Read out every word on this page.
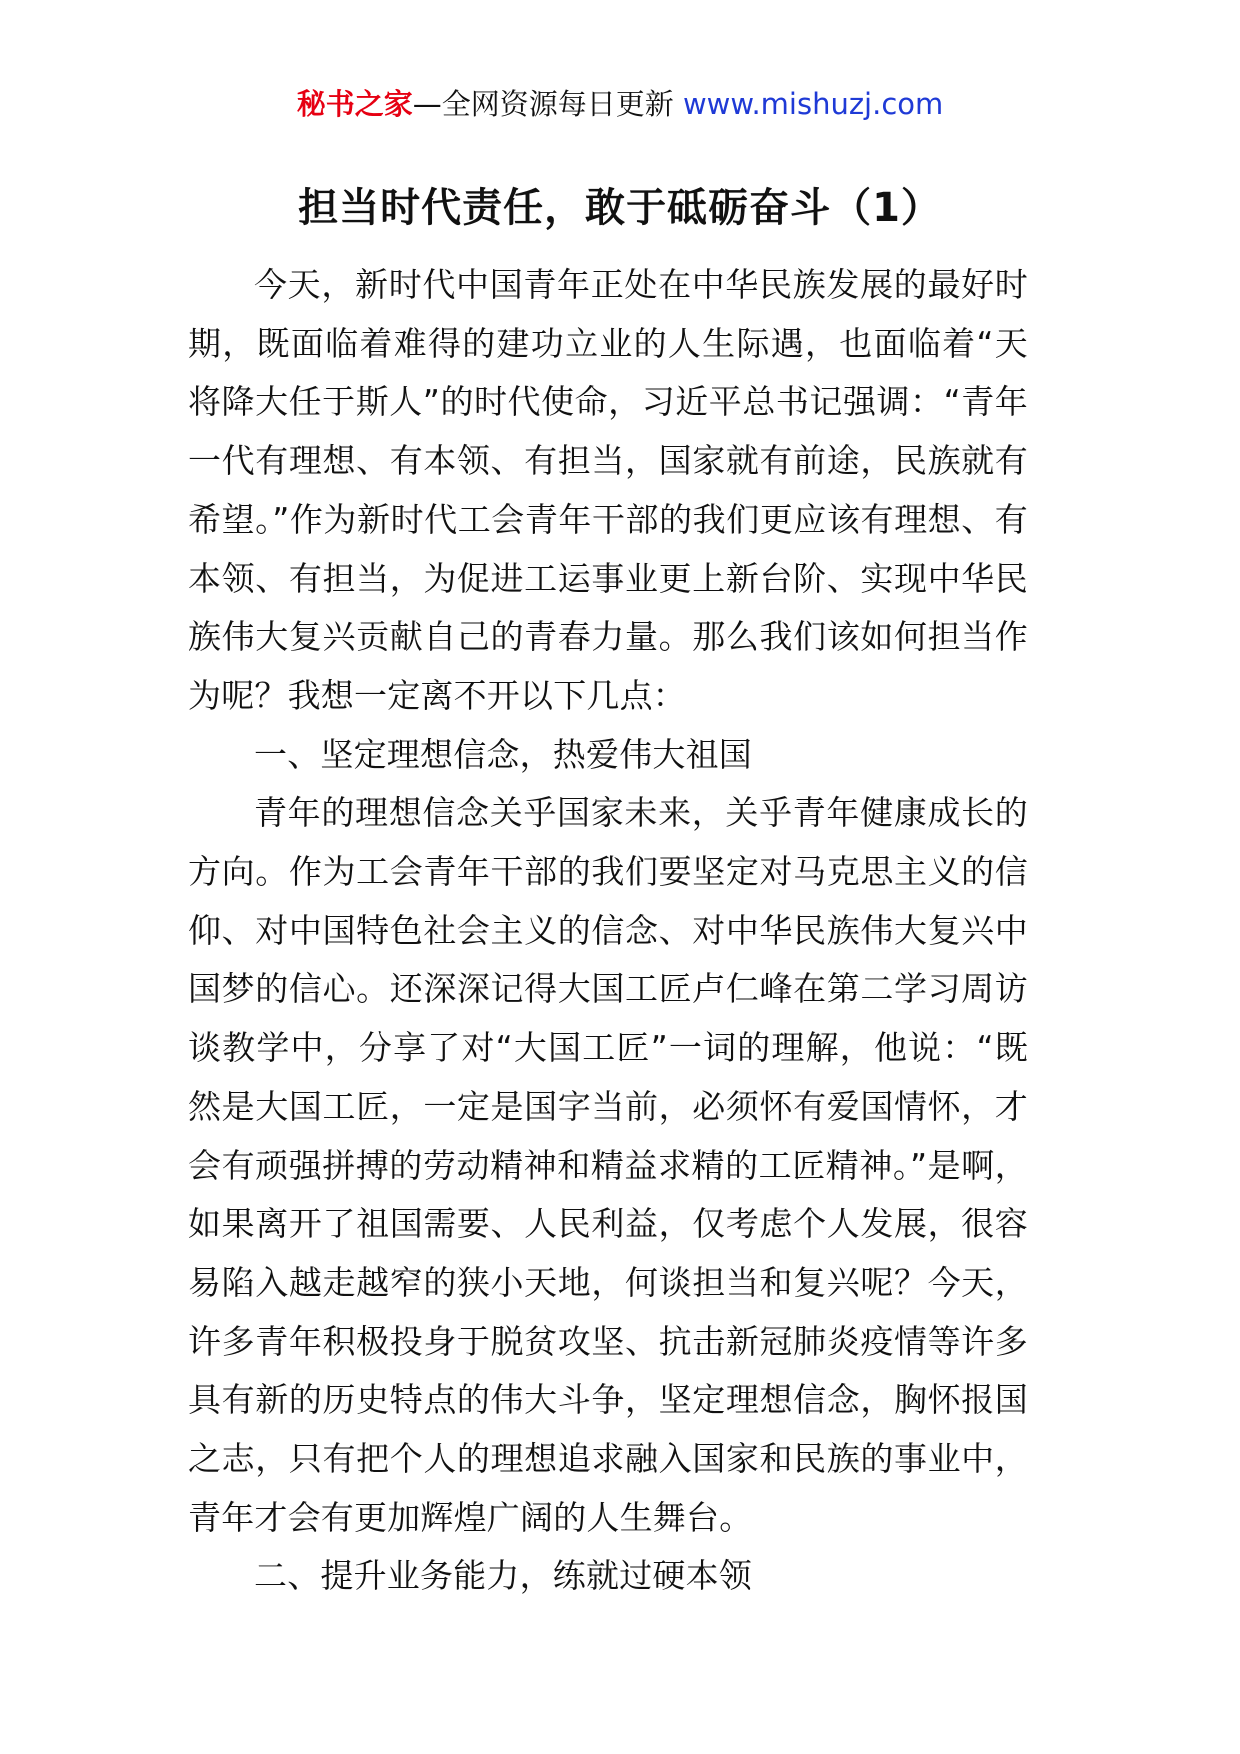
秘书之家—全网资源每日更新 www.mishuzj.com
担当时代责任，敢于砥砺奋斗（1）

今天，新时代中国青年正处在中华民族发展的最好时期，既面临着难得的建功立业的人生际遇，也面临着“天将降大任于斯人”的时代使命，习近平总书记强调：“青年一代有理想、有本领、有担当，国家就有前途，民族就有希望。”作为新时代工会青年干部的我们更应该有理想、有本领、有担当，为促进工运事业更上新台阶、实现中华民族伟大复兴贡献自己的青春力量。那么我们该如何担当作为呢？我想一定离不开以下几点：

一、坚定理想信念，热爱伟大祖国

青年的理想信念关乎国家未来，关乎青年健康成长的方向。作为工会青年干部的我们要坚定对马克思主义的信仰、对中国特色社会主义的信念、对中华民族伟大复兴中国梦的信心。还深深记得大国工匠卢仁峰在第二学习周访谈教学中，分享了对“大国工匠”一词的理解，他说：“既然是大国工匠，一定是国字当前，必须怀有爱国情怀，才会有顽强拼搏的劳动精神和精益求精的工匠精神。”是啊，如果离开了祖国需要、人民利益，仅考虑个人发展，很容易陷入越走越窄的狭小天地，何谈担当和复兴呢？今天，许多青年积极投身于脱贫攻坚、抗击新冠肺炎疫情等许多具有新的历史特点的伟大斗争，坚定理想信念，胸怀报国之志，只有把个人的理想追求融入国家和民族的事业中，青年才会有更加辉煌广阔的人生舞台。

二、提升业务能力，练就过硬本领
